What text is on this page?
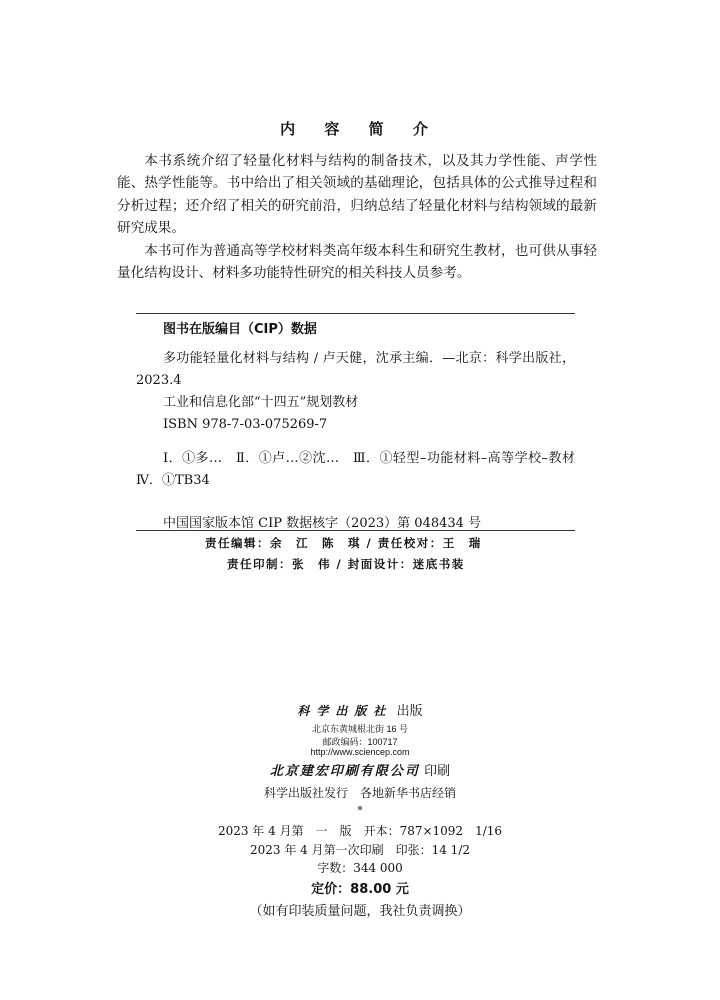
内 容 简 介

本书系统介绍了轻量化材料与结构的制备技术，以及其力学性能、声学性能、热学性能等。书中给出了相关领域的基础理论，包括具体的公式推导过程和分析过程；还介绍了相关的研究前沿，归纳总结了轻量化材料与结构领域的最新研究成果。

本书可作为普通高等学校材料类高年级本科生和研究生教材，也可供从事轻量化结构设计、材料多功能特性研究的相关科技人员参考。

图书在版编目（CIP）数据

多功能轻量化材料与结构 / 卢天健，沈承主编．—北京：科学出版社，2023.4

工业和信息化部“十四五”规划教材

ISBN 978-7-03-075269-7

Ⅰ．①多…　Ⅱ．①卢…②沈…　Ⅲ．①轻型–功能材料–高等学校–教材　Ⅳ．①TB34

中国国家版本馆 CIP 数据核字（2023）第 048434 号
责任编辑：余　江　陈　琪 / 责任校对：王　瑞
责任印制：张　伟 / 封面设计：迷底书装
科学出版社 出版
北京东黄城根北街 16 号
邮政编码：100717
http://www.sciencep.com
北京建宏印刷有限公司 印刷
科学出版社发行　各地新华书店经销
*
2023 年 4 月第　一　版　开本：787×1092　1/16
2023 年 4 月第一次印刷　印张：14 1/2
字数：344 000
定价：88.00 元
（如有印装质量问题，我社负责调换）
